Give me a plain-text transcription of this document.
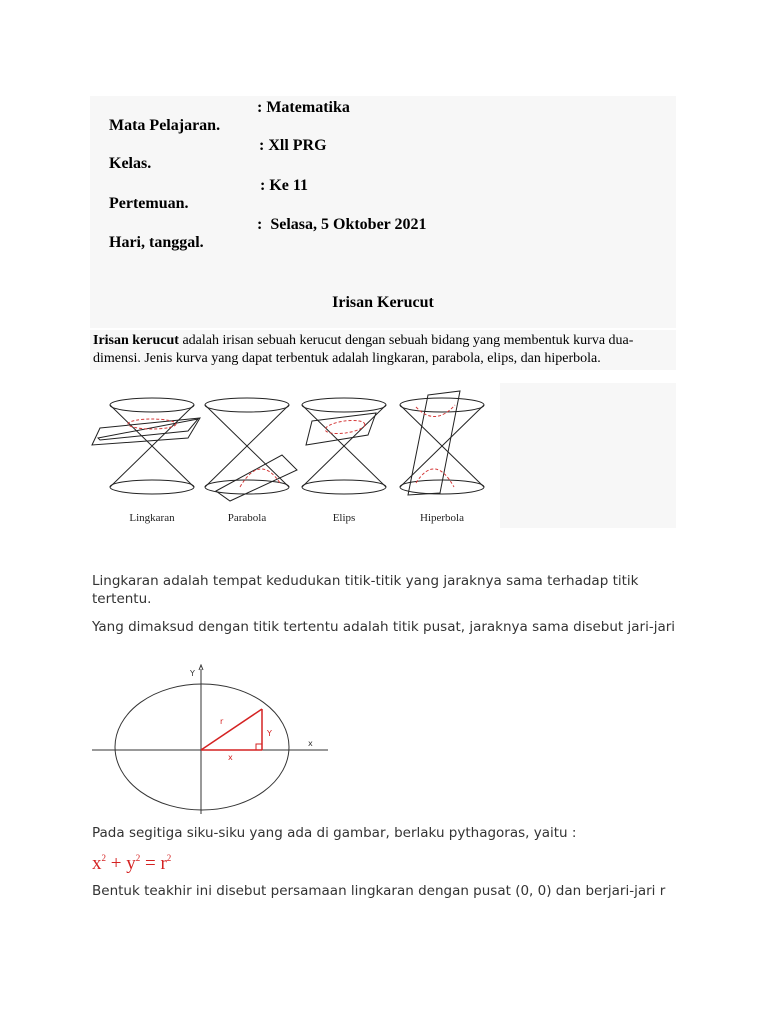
Mata Pelajaran.

: Matematika

Kelas.

: Xll PRG

Pertemuan.

: Ke 11

Hari, tanggal.

:  Selasa, 5 Oktober 2021

Irisan Kerucut
Irisan kerucut adalah irisan sebuah kerucut dengan sebuah bidang yang membentuk kurva dua-dimensi. Jenis kurva yang dapat terbentuk adalah lingkaran, parabola, elips, dan hiperbola.
Lingkaran	Parabola	Elips	Hiperbola
Lingkaran adalah tempat kedudukan titik-titik yang jaraknya sama terhadap titik tertentu.
Yang dimaksud dengan titik tertentu adalah titik pusat, jaraknya sama disebut jari-jari
Y
x
r
Y
x
Pada segitiga siku-siku yang ada di gambar, berlaku pythagoras, yaitu :
$x^2 + y^2 = r^2$
Bentuk teakhir ini disebut persamaan lingkaran dengan pusat (0, 0) dan berjari-jari r
